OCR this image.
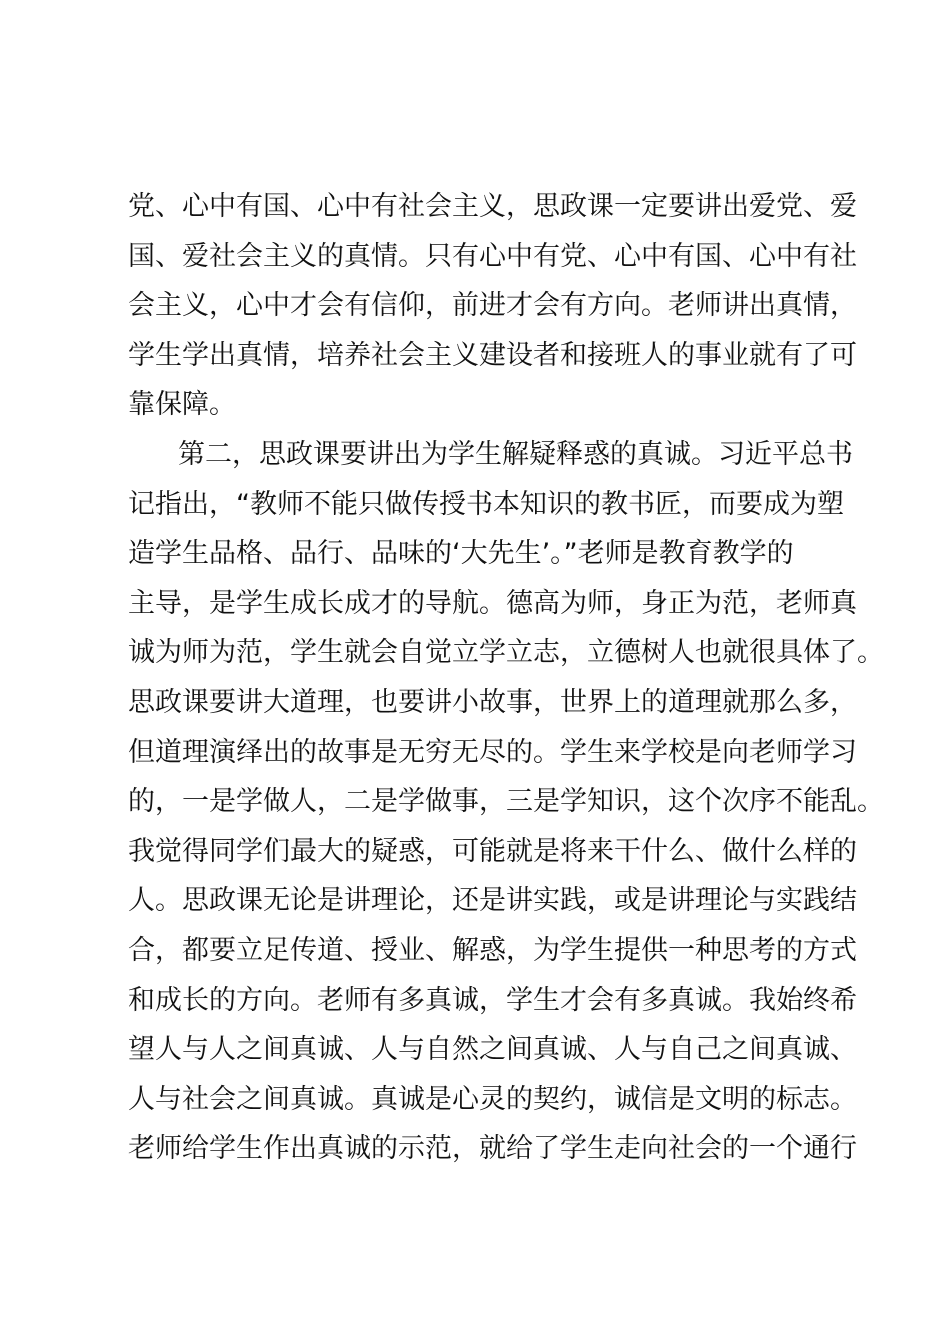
党、心中有国、心中有社会主义，思政课一定要讲出爱党、爱
国、爱社会主义的真情。只有心中有党、心中有国、心中有社
会主义，心中才会有信仰，前进才会有方向。老师讲出真情，
学生学出真情，培养社会主义建设者和接班人的事业就有了可
靠保障。
第二，思政课要讲出为学生解疑释惑的真诚。习近平总书
记指出，“教师不能只做传授书本知识的教书匠，而要成为塑
造学生品格、品行、品味的‘大先生’。”老师是教育教学的
主导，是学生成长成才的导航。德高为师，身正为范，老师真
诚为师为范，学生就会自觉立学立志，立德树人也就很具体了。
思政课要讲大道理，也要讲小故事，世界上的道理就那么多，
但道理演绎出的故事是无穷无尽的。学生来学校是向老师学习
的，一是学做人，二是学做事，三是学知识，这个次序不能乱。
我觉得同学们最大的疑惑，可能就是将来干什么、做什么样的
人。思政课无论是讲理论，还是讲实践，或是讲理论与实践结
合，都要立足传道、授业、解惑，为学生提供一种思考的方式
和成长的方向。老师有多真诚，学生才会有多真诚。我始终希
望人与人之间真诚、人与自然之间真诚、人与自己之间真诚、
人与社会之间真诚。真诚是心灵的契约，诚信是文明的标志。
老师给学生作出真诚的示范，就给了学生走向社会的一个通行
